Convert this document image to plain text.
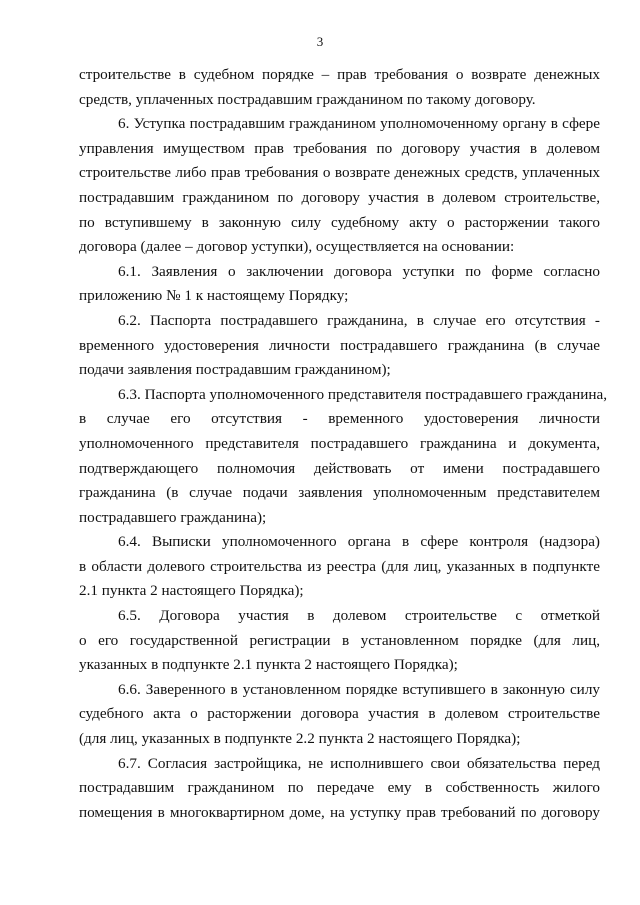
3
строительстве в судебном порядке – прав требования о возврате денежных
средств, уплаченных пострадавшим гражданином по такому договору.
6. Уступка пострадавшим гражданином уполномоченному органу в сфере
управления имуществом прав требования по договору участия в долевом
строительстве либо прав требования о возврате денежных средств, уплаченных
пострадавшим гражданином по договору участия в долевом строительстве,
по вступившему в законную силу судебному акту о расторжении такого
договора (далее – договор уступки), осуществляется на основании:
6.1. Заявления о заключении договора уступки по форме согласно
приложению № 1 к настоящему Порядку;
6.2. Паспорта пострадавшего гражданина, в случае его отсутствия -
временного удостоверения личности пострадавшего гражданина (в случае
подачи заявления пострадавшим гражданином);
6.3. Паспорта уполномоченного представителя пострадавшего гражданина,
в случае его отсутствия - временного удостоверения личности
уполномоченного представителя пострадавшего гражданина и документа,
подтверждающего полномочия действовать от имени пострадавшего
гражданина (в случае подачи заявления уполномоченным представителем
пострадавшего гражданина);
6.4. Выписки уполномоченного органа в сфере контроля (надзора)
в области долевого строительства из реестра (для лиц, указанных в подпункте
2.1 пункта 2 настоящего Порядка);
6.5. Договора участия в долевом строительстве с отметкой
о его государственной регистрации в установленном порядке (для лиц,
указанных в подпункте 2.1 пункта 2 настоящего Порядка);
6.6. Заверенного в установленном порядке вступившего в законную силу
судебного акта о расторжении договора участия в долевом строительстве
(для лиц, указанных в подпункте 2.2 пункта 2 настоящего Порядка);
6.7. Согласия застройщика, не исполнившего свои обязательства перед
пострадавшим гражданином по передаче ему в собственность жилого
помещения в многоквартирном доме, на уступку прав требований по договору
